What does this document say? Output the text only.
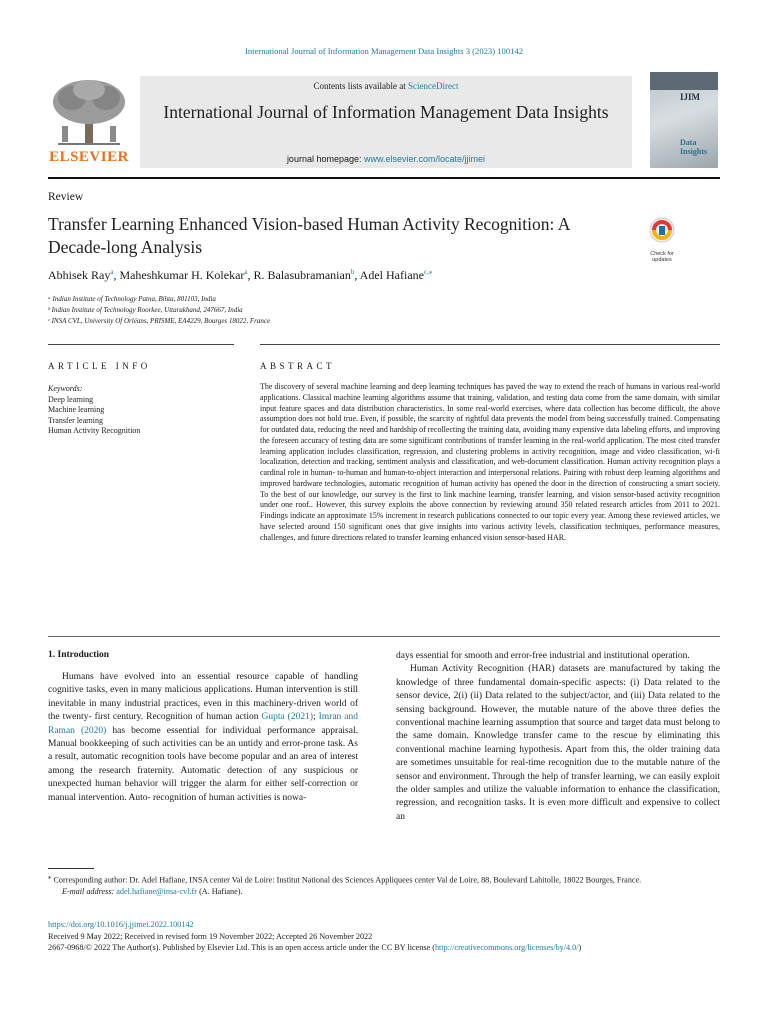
International Journal of Information Management Data Insights 3 (2023) 100142
ELSEVIER
Contents lists available at ScienceDirect
International Journal of Information Management Data Insights
journal homepage: www.elsevier.com/locate/jjimei
IJIM
Data
Insights
Review
Transfer Learning Enhanced Vision-based Human Activity Recognition: A Decade-long Analysis	Check for
updates
Abhisek Ray$^a$, Maheshkumar H. Kolekar$^a$, R. Balasubramanian$^b$, Adel Hafiane$^{c,⁎}$
ᵃ Indian Institute of Technology Patna, Bihta, 801103, India
ᵇ Indian Institute of Technology Roorkee, Uttarakhand, 247667, India
ᶜ INSA CVL, University Of Orléans, PRISME, EA4229, Bourges 18022, France
ARTICLE INFO	ABSTRACT
Keywords:
Deep learning
Machine learning
Transfer learning
Human Activity Recognition
The discovery of several machine learning and deep learning techniques has paved the way to extend the reach of humans in various real-world applications. Classical machine learning algorithms assume that training, validation, and testing data come from the same domain, with similar input feature spaces and data distribution characteristics. In some real-world exercises, where data collection has become difficult, the above assumption does not hold true. Even, if possible, the scarcity of rightful data prevents the model from being successfully trained. Compensating for outdated data, reducing the need and hardship of recollecting the training data, avoiding many expensive data labeling efforts, and improving the foreseen accuracy of testing data are some significant contributions of transfer learning in the real-world application. The most cited transfer learning application includes classification, regression, and clustering problems in activity recognition, image and video classification, wi-fi localization, detection and tracking, sentiment analysis and classification, and web-document classification. Human activity recognition plays a cardinal role in human- to-human and human-to-object interaction and interpersonal relations. Pairing with robust deep learning algorithms and improved hardware technologies, automatic recognition of human activity has opened the door in the direction of constructing a smart society. To the best of our knowledge, our survey is the first to link machine learning, transfer learning, and vision sensor-based activity recognition under one roof.. However, this survey exploits the above connection by reviewing around 350 related research articles from 2011 to 2021. Findings indicate an approximate 15% increment in research publications connected to our topic every year. Among these reviewed articles, we have selected around 150 significant ones that give insights into various activity levels, classification techniques, performance measures, challenges, and future directions related to transfer learning enhanced vision sensor-based HAR.
1. Introduction

Humans have evolved into an essential resource capable of handling cognitive tasks, even in many malicious applications. Human intervention is still inevitable in many industrial practices, even in this machinery-driven world of the twenty- first century. Recognition of human action Gupta (2021); Imran and Raman (2020) has become essential for individual performance appraisal. Manual bookkeeping of such activities can be an untidy and error-prone task. As a result, automatic recognition tools have become popular and an area of interest among the research fraternity. Automatic detection of any suspicious or unexpected human behavior will trigger the alarm for either self-correction or manual intervention. Auto- recognition of human activities is nowa-

days essential for smooth and error-free industrial and institutional operation.

Human Activity Recognition (HAR) datasets are manufactured by taking the knowledge of three fundamental domain-specific aspects: (i) Data related to the sensor device, 2(i) (ii) Data related to the subject/actor, and (iii) Data related to the sensing background. However, the mutable nature of the above three defies the conventional machine learning assumption that source and target data must belong to the same domain. Knowledge transfer came to the rescue by eliminating this conventional machine learning hypothesis. Apart from this, the older training data are sometimes unsuitable for real-time recognition due to the mutable nature of the sensor and environment. Through the help of transfer learning, we can easily exploit the older samples and utilize the valuable information to enhance the classification, regression, and recognition tasks. It is even more difficult and expensive to collect an

⁎ Corresponding author: Dr. Adel Hafiane, INSA center Val de Loire: Institut National des Sciences Appliquees center Val de Loire, 88, Boulevard Lahitolle, 18022 Bourges, France.
E-mail address: adel.hafiane@insa-cvl.fr (A. Hafiane).
https://doi.org/10.1016/j.jjimei.2022.100142
Received 9 May 2022; Received in revised form 19 November 2022; Accepted 26 November 2022
2667-0968/© 2022 The Author(s). Published by Elsevier Ltd. This is an open access article under the CC BY license (http://creativecommons.org/licenses/by/4.0/)
